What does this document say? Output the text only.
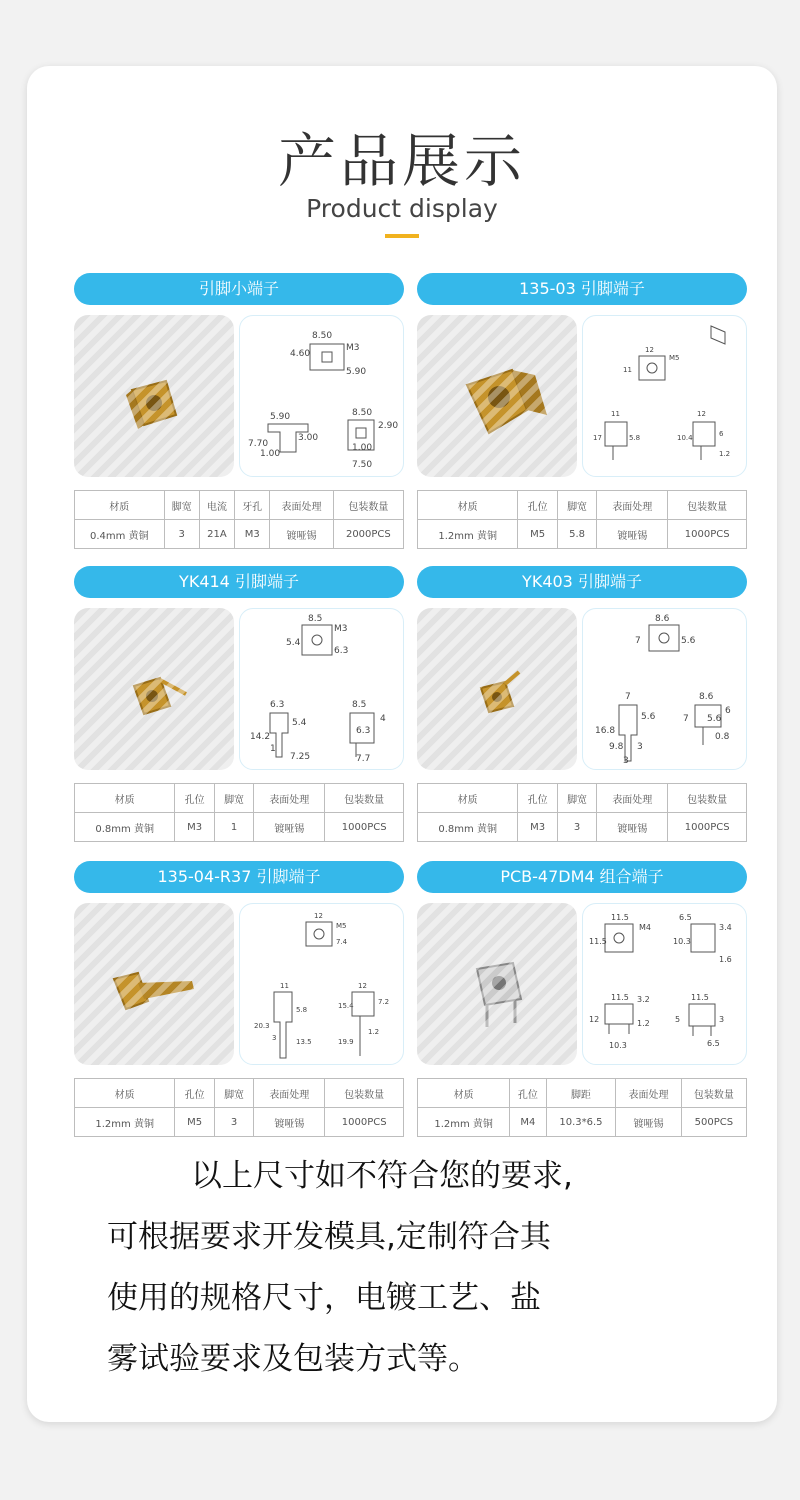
产品展示
Product display
引脚小端子
8.50
4.60
M3
5.90
5.90
3.00
7.70
1.00
8.50
2.90
1.00
7.50
材质	脚宽	电流	牙孔	表面处理	包装数量
0.4mm 黄铜	3	21A	M3	镀哑锡	2000PCS
135-03 引脚端子
12
M5
11
11
17	5.8
12
10.4	6
1.2
材质	孔位	脚宽	表面处理	包装数量
1.2mm 黄铜	M5	5.8	镀哑锡	1000PCS
YK414 引脚端子
8.5
5.4
M3
6.3
6.3
5.4
14.2
1
7.25
8.5
4
6.3
7.7
材质	孔位	脚宽	表面处理	包装数量
0.8mm 黄铜	M3	1	镀哑锡	1000PCS
YK403 引脚端子
8.6
7	5.6
7
16.8
5.6
9.8 3
3
8.6
7 5.6
6
0.8
材质	孔位	脚宽	表面处理	包装数量
0.8mm 黄铜	M3	3	镀哑锡	1000PCS
135-04-R37 引脚端子
12
M5
7.4
11
5.8
20.3
3	13.5
12
7.2
15.4
19.9
1.2
材质	孔位	脚宽	表面处理	包装数量
1.2mm 黄铜	M5	3	镀哑锡	1000PCS
PCB-47DM4 组合端子
11.5
M4
11.5
6.5
3.4
10.3
1.6
11.5 3.2
12	1.2
10.3
11.5
5	3
6.5
材质	孔位	脚距	表面处理	包装数量
1.2mm 黄铜	M4	10.3*6.5	镀哑锡	500PCS

以上尺寸如不符合您的要求,

可根据要求开发模具,定制符合其

使用的规格尺寸，电镀工艺、盐

雾试验要求及包装方式等。
